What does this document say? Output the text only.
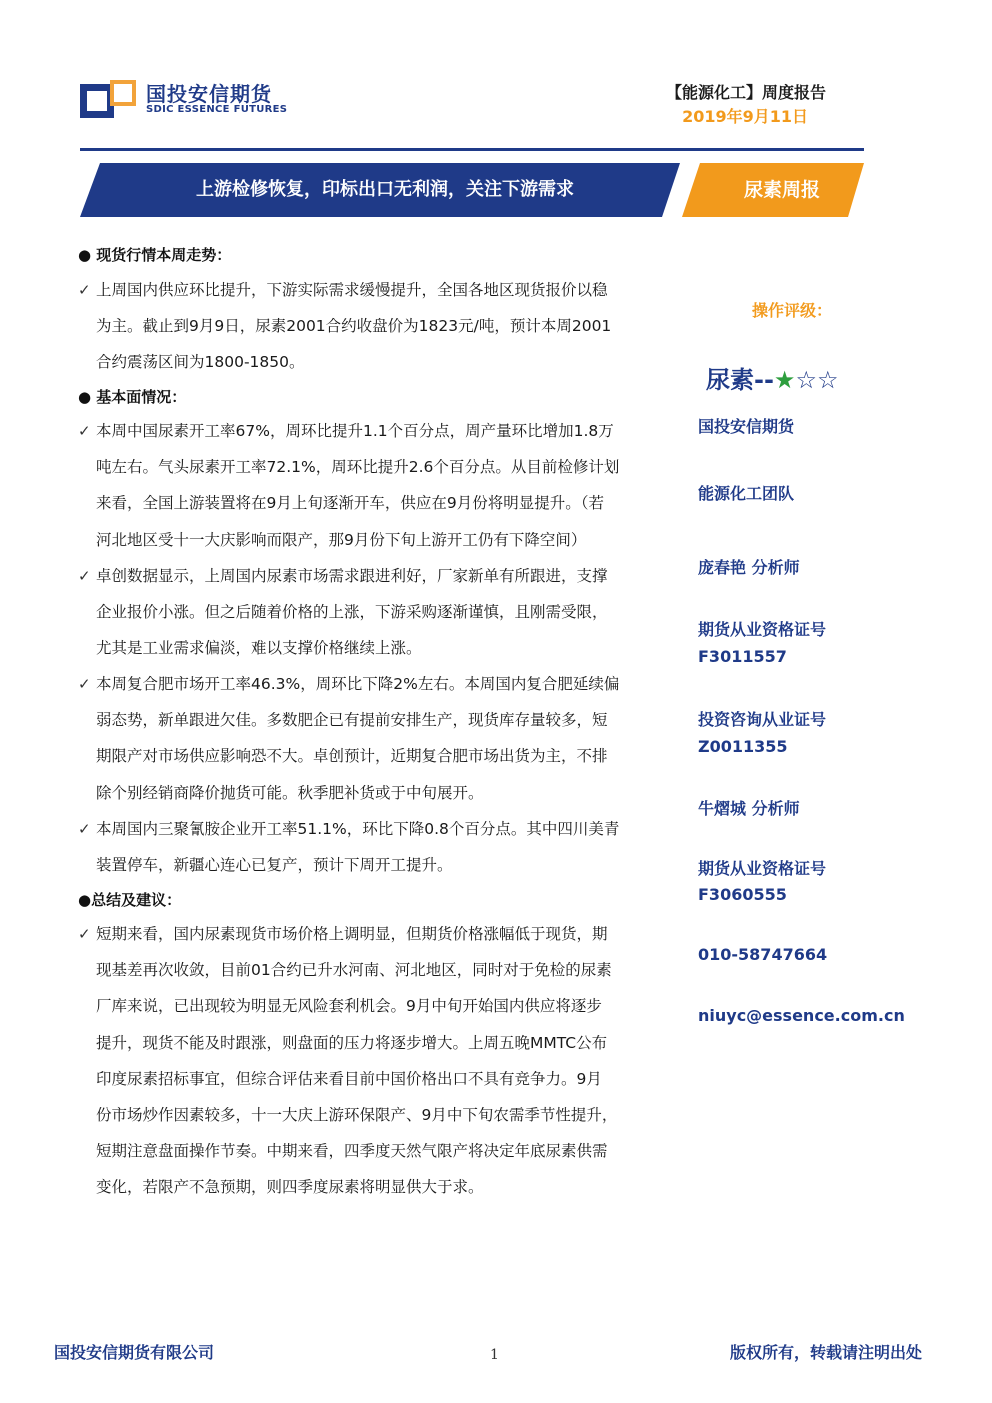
国投安信期货
SDIC ESSENCE FUTURES
【能源化工】周度报告
2019年9月11日
上游检修恢复，印标出口无利润，关注下游需求	尿素周报
● 现货行情本周走势：
✓ 上周国内供应环比提升，下游实际需求缓慢提升，全国各地区现货报价以稳
为主。截止到9月9日，尿素2001合约收盘价为1823元/吨，预计本周2001
合约震荡区间为1800-1850。
● 基本面情况：
✓ 本周中国尿素开工率67%，周环比提升1.1个百分点，周产量环比增加1.8万
吨左右。气头尿素开工率72.1%，周环比提升2.6个百分点。从目前检修计划
来看，全国上游装置将在9月上旬逐渐开车，供应在9月份将明显提升。（若
河北地区受十一大庆影响而限产，那9月份下旬上游开工仍有下降空间）
✓ 卓创数据显示，上周国内尿素市场需求跟进利好，厂家新单有所跟进，支撑
企业报价小涨。但之后随着价格的上涨，下游采购逐渐谨慎，且刚需受限，
尤其是工业需求偏淡，难以支撑价格继续上涨。
✓ 本周复合肥市场开工率46.3%，周环比下降2%左右。本周国内复合肥延续偏
弱态势，新单跟进欠佳。多数肥企已有提前安排生产，现货库存量较多，短
期限产对市场供应影响恐不大。卓创预计，近期复合肥市场出货为主，不排
除个别经销商降价抛货可能。秋季肥补货或于中旬展开。
✓ 本周国内三聚氰胺企业开工率51.1%，环比下降0.8个百分点。其中四川美青
装置停车，新疆心连心已复产，预计下周开工提升。
●总结及建议：
✓ 短期来看，国内尿素现货市场价格上调明显，但期货价格涨幅低于现货，期
现基差再次收敛，目前01合约已升水河南、河北地区，同时对于免检的尿素
厂库来说，已出现较为明显无风险套利机会。9月中旬开始国内供应将逐步
提升，现货不能及时跟涨，则盘面的压力将逐步增大。上周五晚MMTC公布
印度尿素招标事宜，但综合评估来看目前中国价格出口不具有竞争力。9月
份市场炒作因素较多，十一大庆上游环保限产、9月中下旬农需季节性提升，
短期注意盘面操作节奏。中期来看，四季度天然气限产将决定年底尿素供需
变化，若限产不急预期，则四季度尿素将明显供大于求。
操作评级：
尿素--★☆☆
国投安信期货
能源化工团队
庞春艳 分析师
期货从业资格证号
F3011557
投资咨询从业证号
Z0011355
牛熠城 分析师
期货从业资格证号
F3060555
010-58747664
niuyc@essence.com.cn
国投安信期货有限公司	1	版权所有，转载请注明出处
